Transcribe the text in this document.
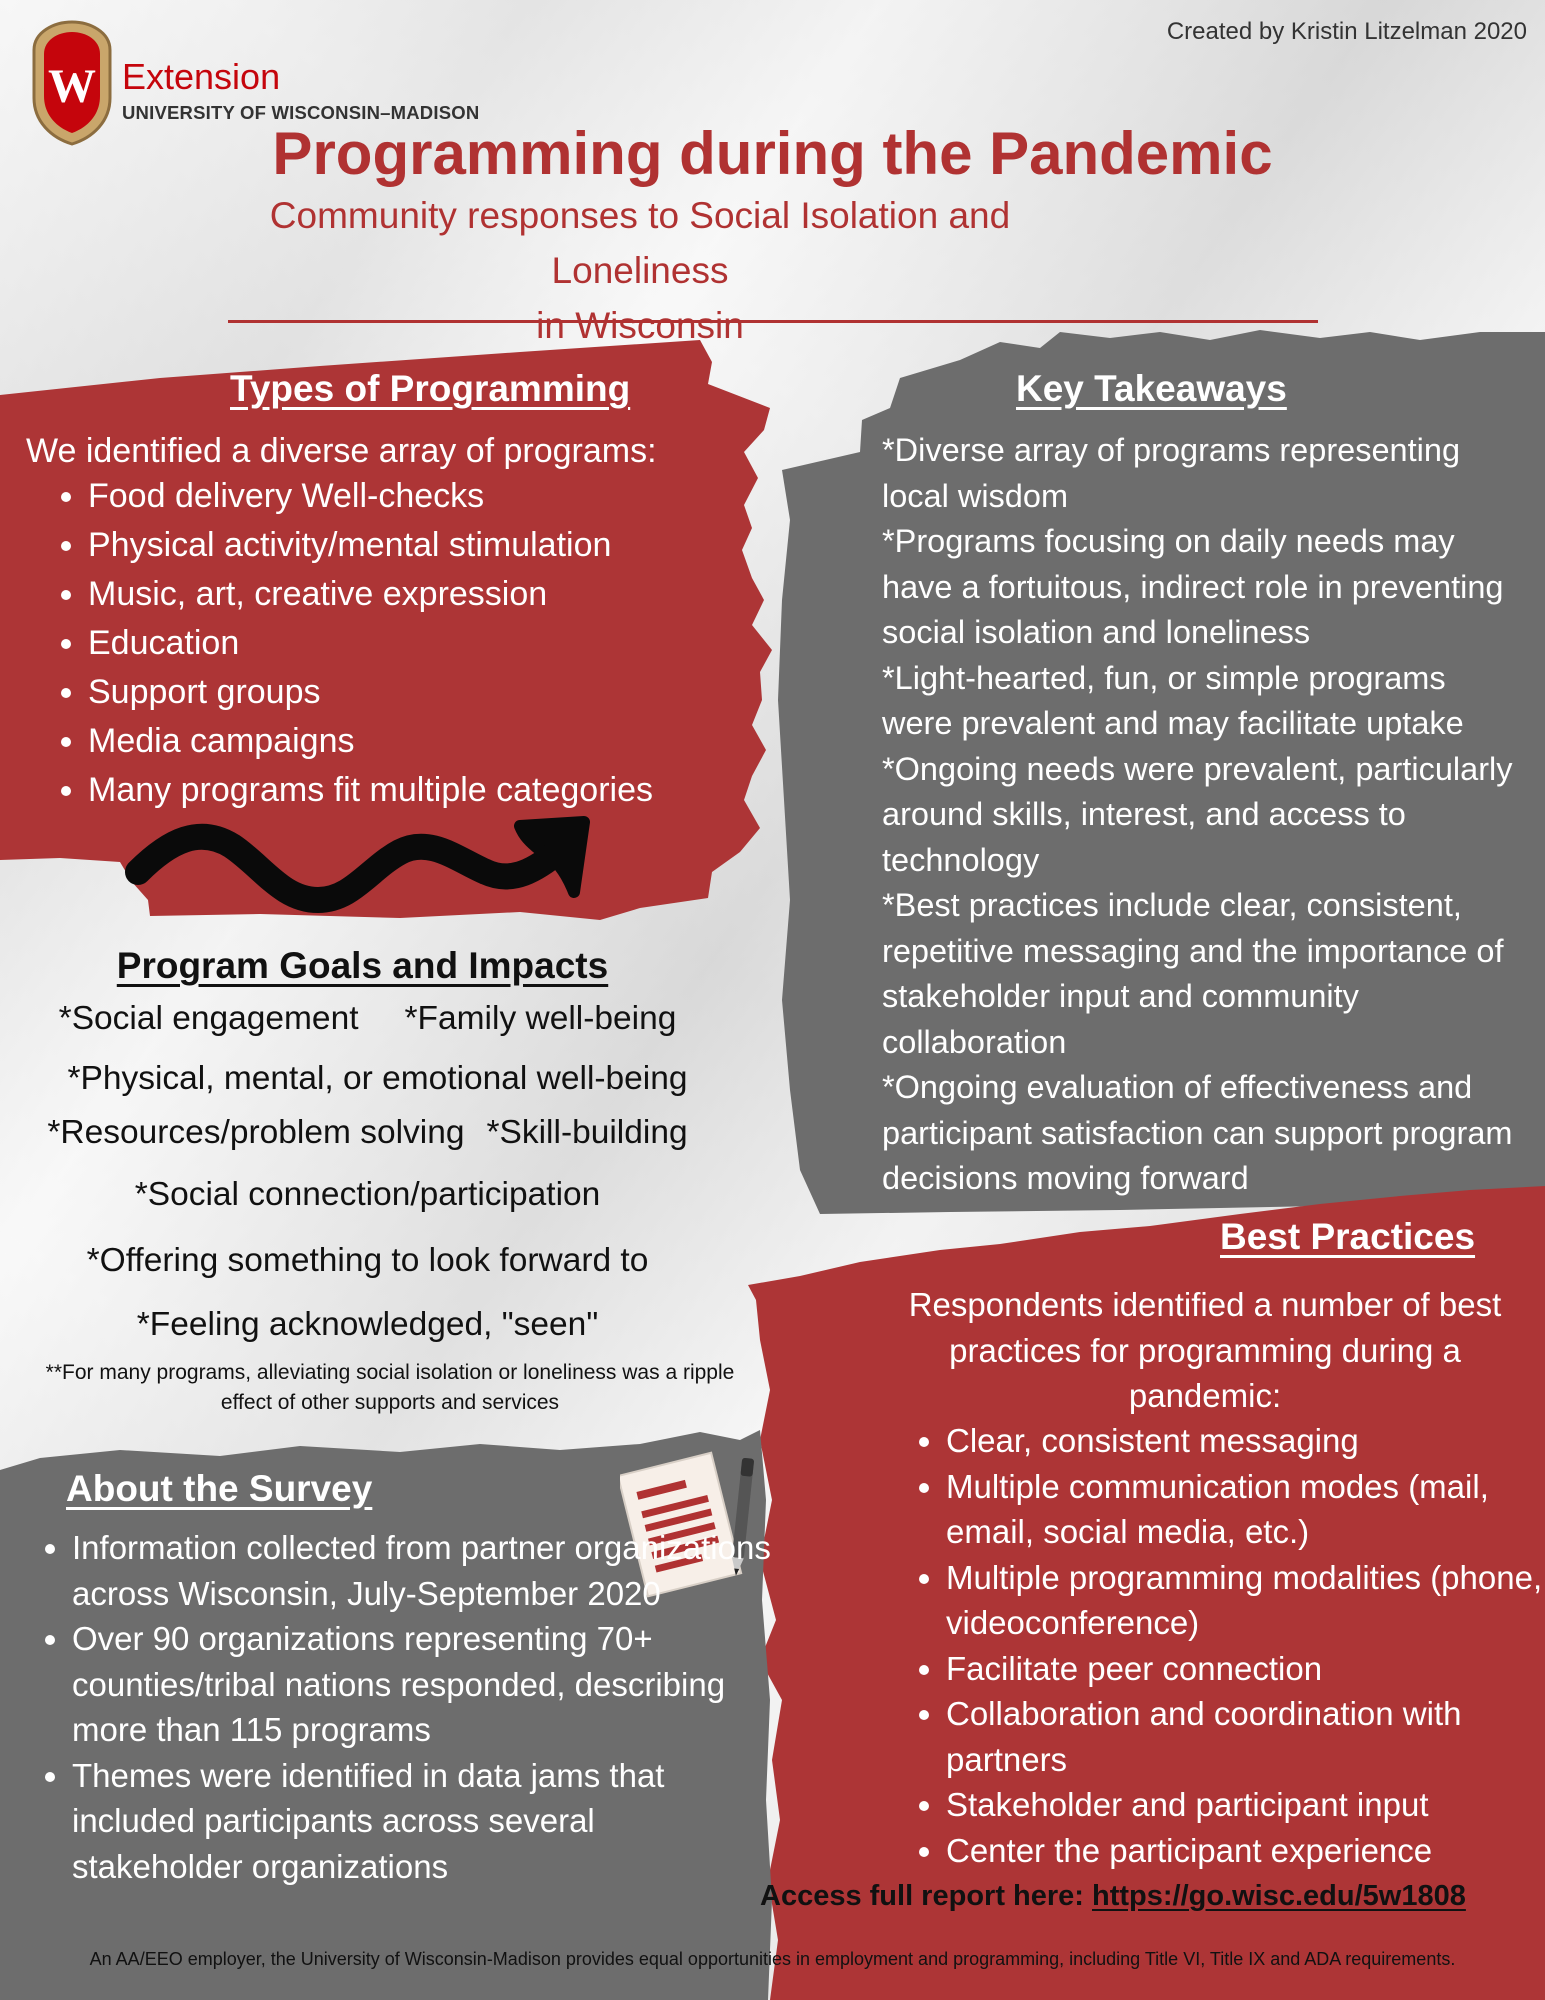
Created by Kristin Litzelman 2020
W Extension
UNIVERSITY OF WISCONSIN–MADISON
Programming during the Pandemic
Community responses to Social Isolation and Loneliness
in Wisconsin
Types of Programming
We identified a diverse array of programs:
• Food delivery Well-checks
• Physical activity/mental stimulation
• Music, art, creative expression
• Education
• Support groups
• Media campaigns
• Many programs fit multiple categories
Key Takeaways
*Diverse array of programs representing local wisdom
*Programs focusing on daily needs may have a fortuitous, indirect role in preventing social isolation and loneliness
*Light-hearted, fun, or simple programs were prevalent and may facilitate uptake
*Ongoing needs were prevalent, particularly around skills, interest, and access to technology
*Best practices include clear, consistent, repetitive messaging and the importance of stakeholder input and community collaboration
*Ongoing evaluation of effectiveness and participant satisfaction can support program decisions moving forward
Program Goals and Impacts
*Social engagement *Family well-being
*Physical, mental, or emotional well-being
*Resources/problem solving *Skill-building
*Social connection/participation
*Offering something to look forward to
*Feeling acknowledged, "seen"
**For many programs, alleviating social isolation or loneliness was a ripple effect of other supports and services
About the Survey
• Information collected from partner organizations across Wisconsin, July-September 2020
• Over 90 organizations representing 70+ counties/tribal nations responded, describing more than 115 programs
• Themes were identified in data jams that included participants across several stakeholder organizations
Best Practices
Respondents identified a number of best practices for programming during a pandemic:
• Clear, consistent messaging
• Multiple communication modes (mail, email, social media, etc.)
• Multiple programming modalities (phone, videoconference)
• Facilitate peer connection
• Collaboration and coordination with partners
• Stakeholder and participant input
• Center the participant experience
Access full report here: https://go.wisc.edu/5w1808
An AA/EEO employer, the University of Wisconsin-Madison provides equal opportunities in employment and programming, including Title VI, Title IX and ADA requirements.
